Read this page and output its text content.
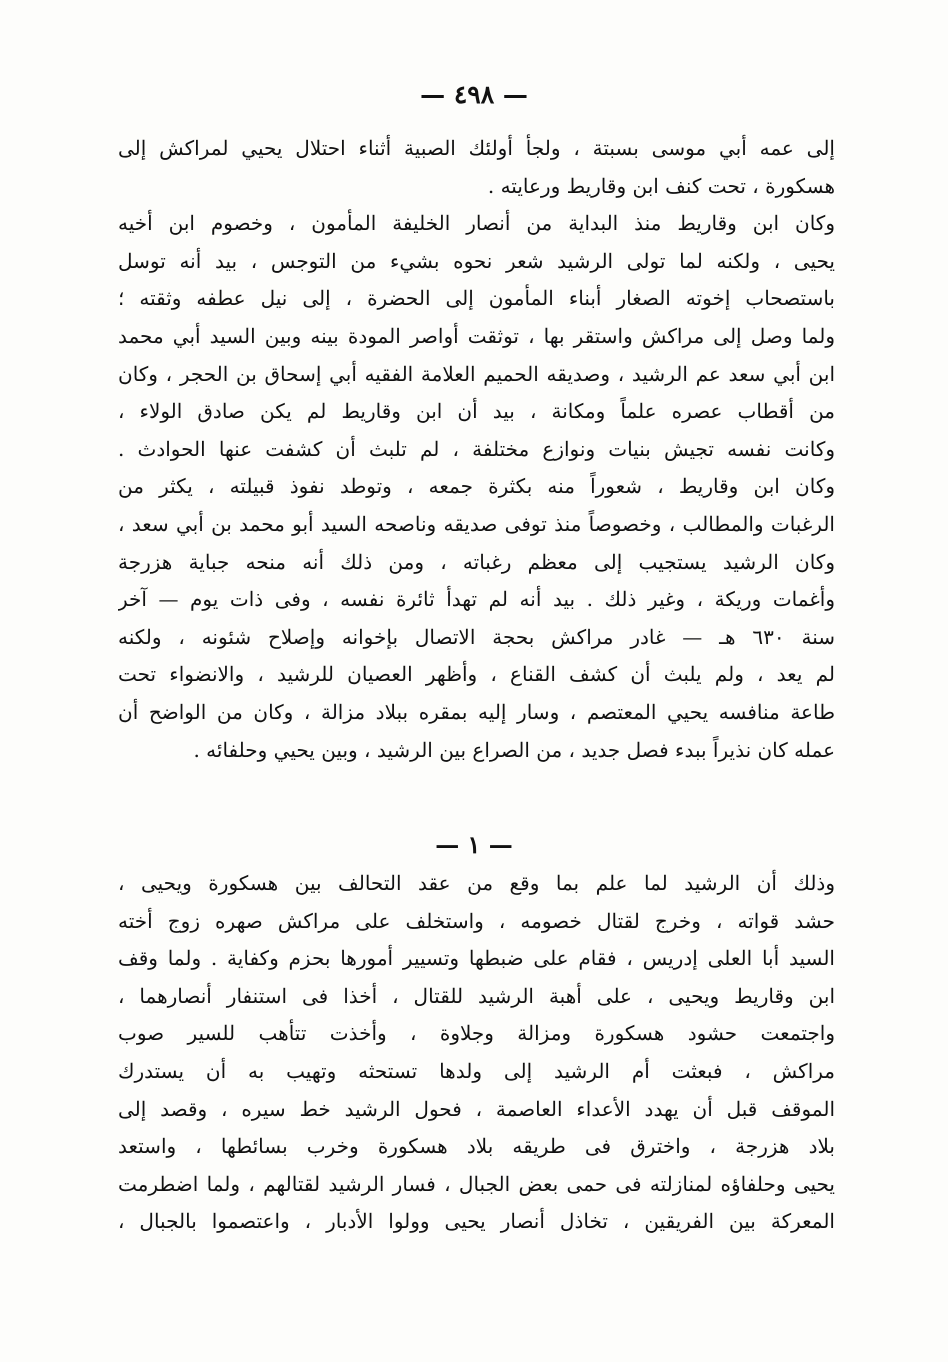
— ٤٩٨ —
إلى عمه أبي موسى بسبتة ، ولجأ أولئك الصبية أثناء احتلال يحيي لمراكش إلى
هسكورة ، تحت كنف ابن وقاريط ورعايته .
وكان ابن وقاريط منذ البداية من أنصار الخليفة المأمون ، وخصوم ابن أخيه
يحيى ، ولكنه لما تولى الرشيد شعر نحوه بشيء من التوجس ، بيد أنه توسل
باستصحاب إخوته الصغار أبناء المأمون إلى الحضرة ، إلى نيل عطفه وثقته ؛
ولما وصل إلى مراكش واستقر بها ، توثقت أواصر المودة بينه وبين السيد أبي محمد
ابن أبي سعد عم الرشيد ، وصديقه الحميم العلامة الفقيه أبي إسحاق بن الحجر ، وكان
من أقطاب عصره علماً ومكانة ، بيد أن ابن وقاريط لم يكن صادق الولاء ،
وكانت نفسه تجيش بنيات ونوازع مختلفة ، لم تلبث أن كشفت عنها الحوادث .
وكان ابن وقاريط ، شعوراً منه بكثرة جمعه ، وتوطد نفوذ قبيلته ، يكثر من
الرغبات والمطالب ، وخصوصاً منذ توفى صديقه وناصحه السيد أبو محمد بن أبي سعد ،
وكان الرشيد يستجيب إلى معظم رغباته ، ومن ذلك أنه منحه جباية هزرجة
وأغمات وريكة ، وغير ذلك . بيد أنه لم تهدأ ثائرة نفسه ، وفى ذات يوم — آخر
سنة ٦٣٠ هـ — غادر مراكش بحجة الاتصال بإخوانه وإصلاح شئونه ، ولكنه
لم يعد ، ولم يلبث أن كشف القناع ، وأظهر العصيان للرشيد ، والانضواء تحت
طاعة منافسه يحيي المعتصم ، وسار إليه بمقره ببلاد مزالة ، وكان من الواضح أن
عمله كان نذيراً ببدء فصل جديد ، من الصراع بين الرشيد ، وبين يحيي وحلفائه .
— ١ —
وذلك أن الرشيد لما علم بما وقع من عقد التحالف بين هسكورة ويحيى ،
حشد قواته ، وخرج لقتال خصومه ، واستخلف على مراكش صهره زوج أخته
السيد أبا العلى إدريس ، فقام على ضبطها وتسيير أمورها بحزم وكفاية . ولما وقف
ابن وقاريط ويحيى ، على أهبة الرشيد للقتال ، أخذا فى استنفار أنصارهما ،
واجتمعت حشود هسكورة ومزالة وجلاوة ، وأخذت تتأهب للسير صوب
مراكش ، فبعثت أم الرشيد إلى ولدها تستحثه وتهيب به أن يستدرك
الموقف قبل أن يهدد الأعداء العاصمة ، فحول الرشيد خط سيره ، وقصد إلى
بلاد هزرجة ، واخترق فى طريقه بلاد هسكورة وخرب بسائطها ، واستعد
يحيى وحلفاؤه لمنازلته فى حمى بعض الجبال ، فسار الرشيد لقتالهم ، ولما اضطرمت
المعركة بين الفريقين ، تخاذل أنصار يحيى وولوا الأدبار ، واعتصموا بالجبال ،
